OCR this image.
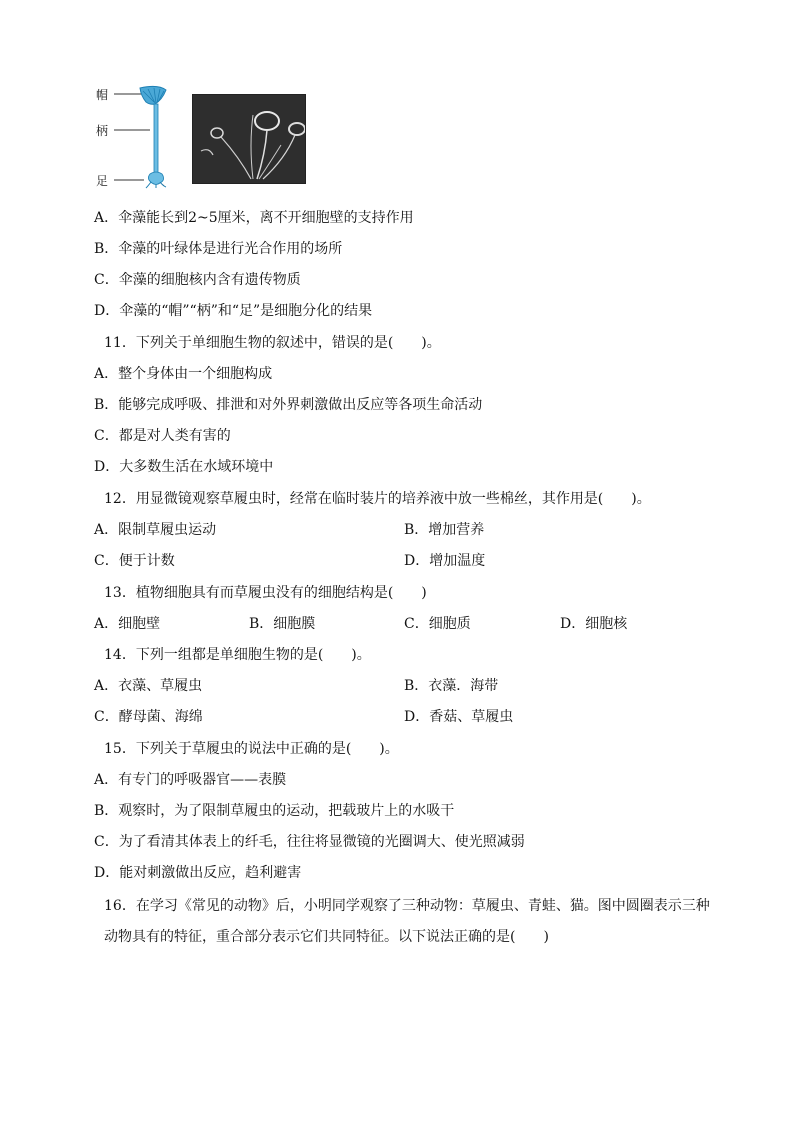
帽
柄
足
A．伞藻能长到2~5厘米，离不开细胞壁的支持作用
B．伞藻的叶绿体是进行光合作用的场所
C．伞藻的细胞核内含有遗传物质
D．伞藻的“帽”“柄”和“足”是细胞分化的结果
11．下列关于单细胞生物的叙述中，错误的是(　　)。
A．整个身体由一个细胞构成
B．能够完成呼吸、排泄和对外界刺激做出反应等各项生命活动
C．都是对人类有害的
D．大多数生活在水域环境中
12．用显微镜观察草履虫时，经常在临时装片的培养液中放一些棉丝，其作用是(　　)。
A．限制草履虫运动	B．增加营养
C．便于计数	D．增加温度
13．植物细胞具有而草履虫没有的细胞结构是(　　)
A．细胞壁	B．细胞膜	C．细胞质	D．细胞核
14．下列一组都是单细胞生物的是(　　)。
A．衣藻、草履虫	B．衣藻．海带
C．酵母菌、海绵	D．香菇、草履虫
15．下列关于草履虫的说法中正确的是(　　)。
A．有专门的呼吸器官——表膜
B．观察时，为了限制草履虫的运动，把载玻片上的水吸干
C．为了看清其体表上的纤毛，往往将显微镜的光圈调大、使光照减弱
D．能对刺激做出反应，趋利避害
16．在学习《常见的动物》后，小明同学观察了三种动物：草履虫、青蛙、猫。图中圆圈表示三种
动物具有的特征，重合部分表示它们共同特征。以下说法正确的是(　　)
